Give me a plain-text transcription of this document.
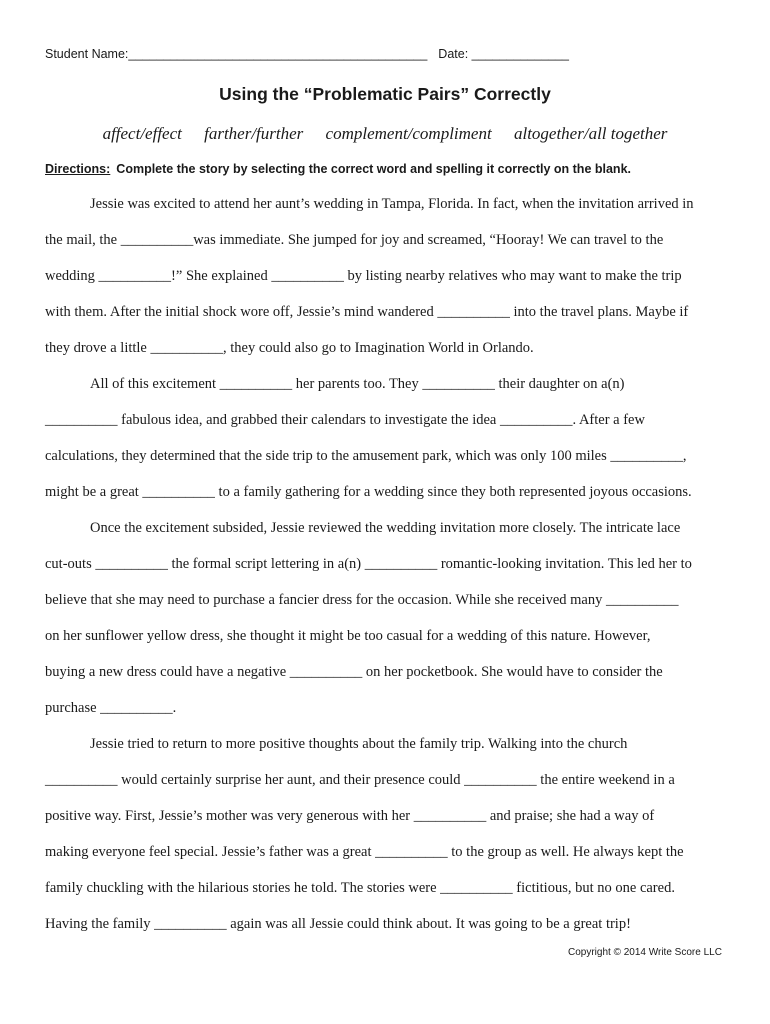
Student Name:___________________________________________ Date: ______________
Using the “Problematic Pairs” Correctly
affect/effect farther/further complement/compliment altogether/all together
Directions: Complete the story by selecting the correct word and spelling it correctly on the blank.
Jessie was excited to attend her aunt’s wedding in Tampa, Florida. In fact, when the invitation arrived in
the mail, the __________was immediate. She jumped for joy and screamed, “Hooray! We can travel to the
wedding __________!” She explained __________ by listing nearby relatives who may want to make the trip
with them. After the initial shock wore off, Jessie’s mind wandered __________ into the travel plans. Maybe if
they drove a little __________, they could also go to Imagination World in Orlando.
All of this excitement __________ her parents too. They __________ their daughter on a(n)
__________ fabulous idea, and grabbed their calendars to investigate the idea __________. After a few
calculations, they determined that the side trip to the amusement park, which was only 100 miles __________,
might be a great __________ to a family gathering for a wedding since they both represented joyous occasions.
Once the excitement subsided, Jessie reviewed the wedding invitation more closely. The intricate lace
cut-outs __________ the formal script lettering in a(n) __________ romantic-looking invitation. This led her to
believe that she may need to purchase a fancier dress for the occasion. While she received many __________
on her sunflower yellow dress, she thought it might be too casual for a wedding of this nature. However,
buying a new dress could have a negative __________ on her pocketbook. She would have to consider the
purchase __________.
Jessie tried to return to more positive thoughts about the family trip. Walking into the church
__________ would certainly surprise her aunt, and their presence could __________ the entire weekend in a
positive way. First, Jessie’s mother was very generous with her __________ and praise; she had a way of
making everyone feel special. Jessie’s father was a great __________ to the group as well. He always kept the
family chuckling with the hilarious stories he told. The stories were __________ fictitious, but no one cared.
Having the family __________ again was all Jessie could think about. It was going to be a great trip!
Copyright © 2014 Write Score LLC
